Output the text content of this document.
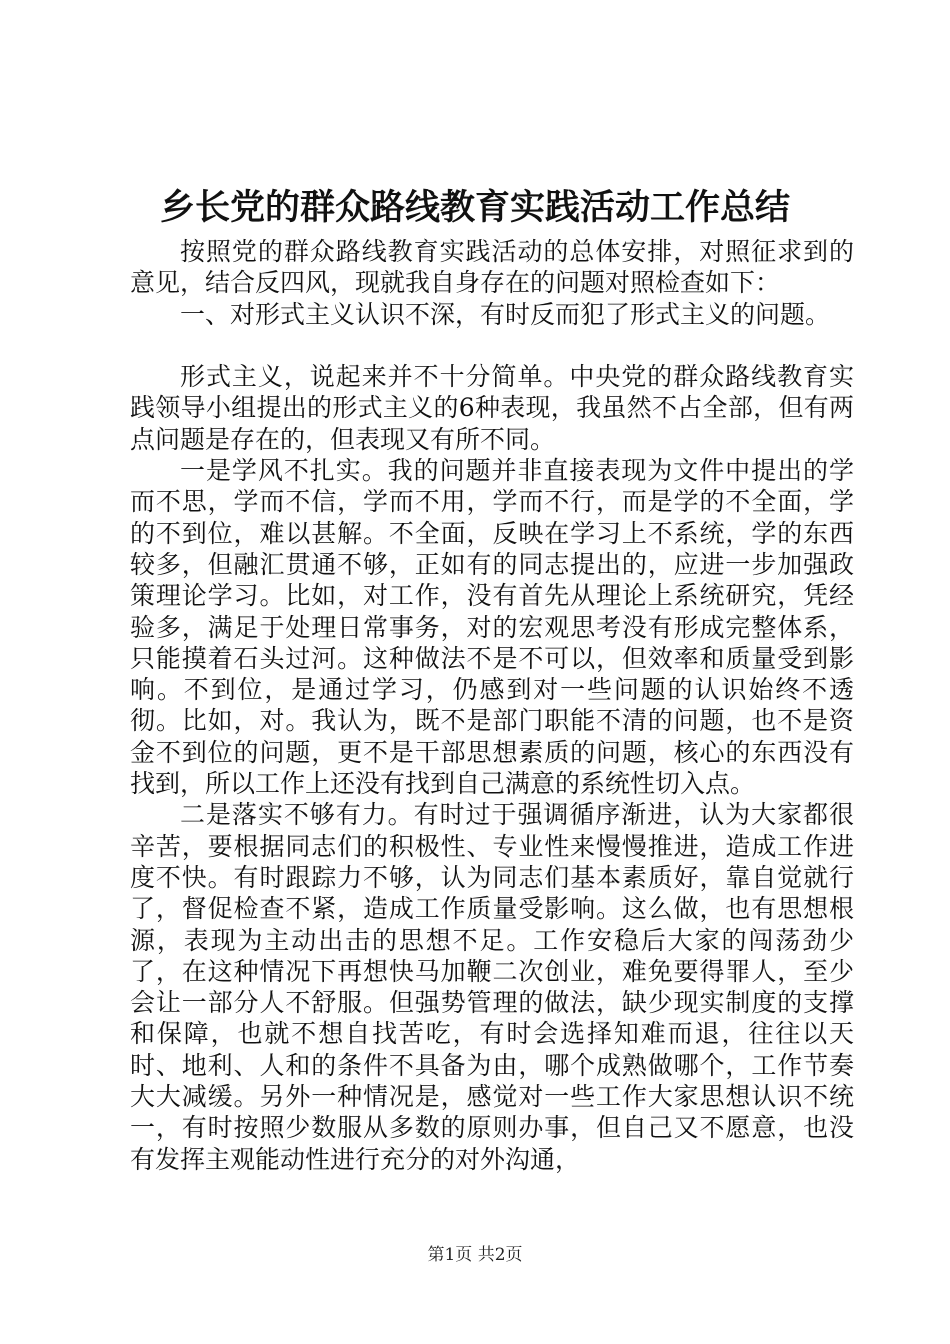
乡长党的群众路线教育实践活动工作总结

按照党的群众路线教育实践活动的总体安排，对照征求到的意见，结合反四风，现就我自身存在的问题对照检查如下：

一、对形式主义认识不深，有时反而犯了形式主义的问题。

形式主义，说起来并不十分简单。中央党的群众路线教育实践领导小组提出的形式主义的6种表现，我虽然不占全部，但有两点问题是存在的，但表现又有所不同。

一是学风不扎实。我的问题并非直接表现为文件中提出的学而不思，学而不信，学而不用，学而不行，而是学的不全面，学的不到位，难以甚解。不全面，反映在学习上不系统，学的东西较多，但融汇贯通不够，正如有的同志提出的，应进一步加强政策理论学习。比如，对工作，没有首先从理论上系统研究，凭经验多，满足于处理日常事务，对的宏观思考没有形成完整体系，只能摸着石头过河。这种做法不是不可以，但效率和质量受到影响。不到位，是通过学习，仍感到对一些问题的认识始终不透彻。比如，对。我认为，既不是部门职能不清的问题，也不是资金不到位的问题，更不是干部思想素质的问题，核心的东西没有找到，所以工作上还没有找到自己满意的系统性切入点。

二是落实不够有力。有时过于强调循序渐进，认为大家都很辛苦，要根据同志们的积极性、专业性来慢慢推进，造成工作进度不快。有时跟踪力不够，认为同志们基本素质好，靠自觉就行了，督促检查不紧，造成工作质量受影响。这么做，也有思想根源，表现为主动出击的思想不足。工作安稳后大家的闯荡劲少了，在这种情况下再想快马加鞭二次创业，难免要得罪人，至少会让一部分人不舒服。但强势管理的做法，缺少现实制度的支撑和保障，也就不想自找苦吃，有时会选择知难而退，往往以天时、地利、人和的条件不具备为由，哪个成熟做哪个，工作节奏大大减缓。另外一种情况是，感觉对一些工作大家思想认识不统一，有时按照少数服从多数的原则办事，但自己又不愿意，也没有发挥主观能动性进行充分的对外沟通，

第1页 共2页
